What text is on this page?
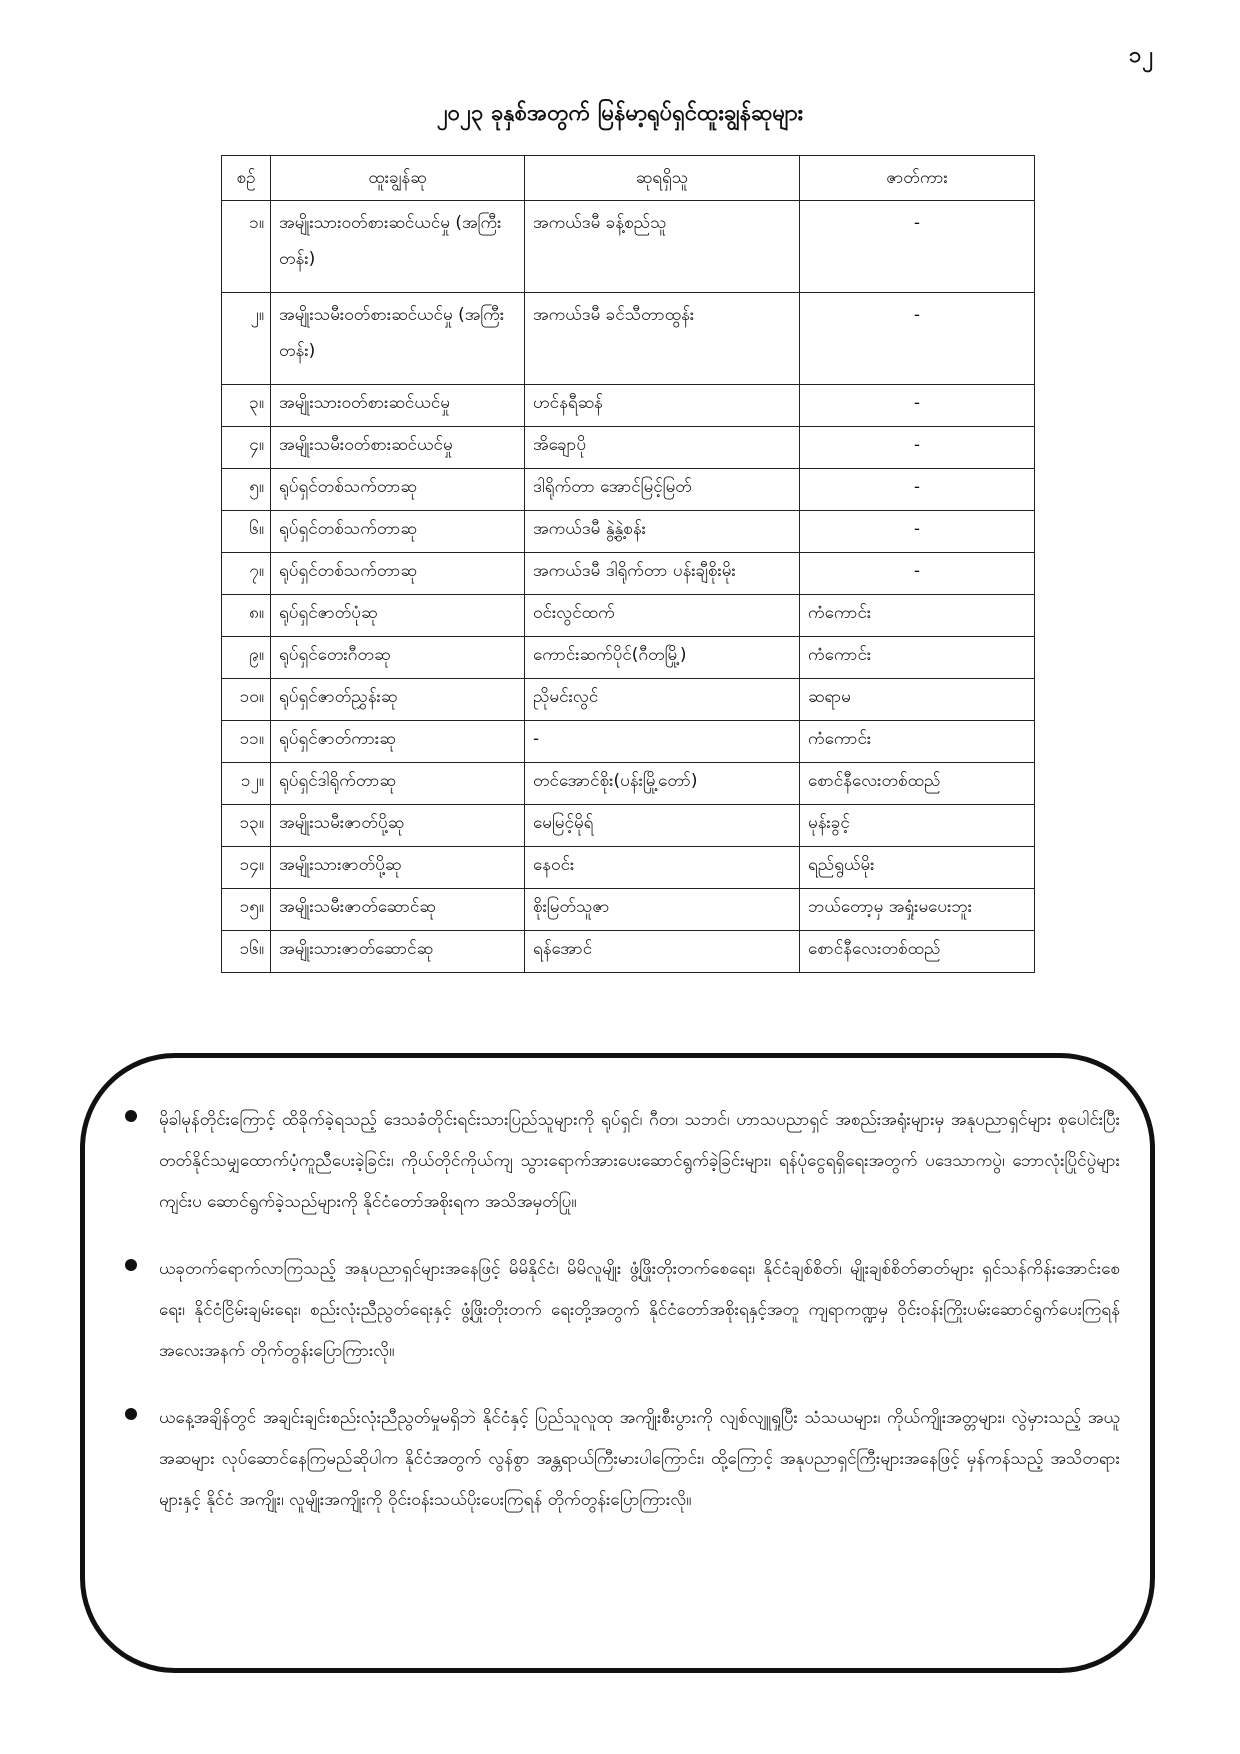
၁၂
၂၀၂၃ ခုနှစ်အတွက် မြန်မာ့ရုပ်ရှင်ထူးချွန်ဆုများ
စဉ်	ထူးချွန်ဆု	ဆုရရှိသူ	ဇာတ်ကား
၁။	အမျိုးသားဝတ်စားဆင်ယင်မှု (အကြီးတန်း)	အကယ်ဒမီ ခန့်စည်သူ	-
၂။	အမျိုးသမီးဝတ်စားဆင်ယင်မှု (အကြီးတန်း)	အကယ်ဒမီ ခင်သီတာထွန်း	-
၃။	အမျိုးသားဝတ်စားဆင်ယင်မှု	ဟင်နရီဆန်	-
၄။	အမျိုးသမီးဝတ်စားဆင်ယင်မှု	အိချောပို	-
၅။	ရုပ်ရှင်တစ်သက်တာဆု	ဒါရိုက်တာ အောင်မြင့်မြတ်	-
၆။	ရုပ်ရှင်တစ်သက်တာဆု	အကယ်ဒမီ နွဲ့နွဲ့စန်း	-
၇။	ရုပ်ရှင်တစ်သက်တာဆု	အကယ်ဒမီ ဒါရိုက်တာ ပန်းချီစိုးမိုး	-
၈။	ရုပ်ရှင်ဇာတ်ပုံဆု	ဝင်းလွင်ထက်	ကံကောင်း
၉။	ရုပ်ရှင်တေးဂီတဆု	ကောင်းဆက်ပိုင်(ဂီတမြို့)	ကံကောင်း
၁၀။	ရုပ်ရှင်ဇာတ်ညွှန်းဆု	ညိုမင်းလွင်	ဆရာမ
၁၁။	ရုပ်ရှင်ဇာတ်ကားဆု	-	ကံကောင်း
၁၂။	ရုပ်ရှင်ဒါရိုက်တာဆု	တင်အောင်စိုး(ပန်းမြို့တော်)	စောင်နီလေးတစ်ထည်
၁၃။	အမျိုးသမီးဇာတ်ပို့ဆု	မေမြင့်မိုရ်	မုန်းခွင့်
၁၄။	အမျိုးသားဇာတ်ပို့ဆု	နေဝင်း	ရည်ရွယ်မိုး
၁၅။	အမျိုးသမီးဇာတ်ဆောင်ဆု	စိုးမြတ်သူဇာ	ဘယ်တော့မှ အရှုံးမပေးဘူး
၁၆။	အမျိုးသားဇာတ်ဆောင်ဆု	ရန်အောင်	စောင်နီလေးတစ်ထည်
မိုခါမုန်တိုင်းကြောင့် ထိခိုက်ခဲ့ရသည့် ဒေသခံတိုင်းရင်းသားပြည်သူများကို ရုပ်ရှင်၊ ဂီတ၊ သဘင်၊ ဟာသပညာရှင် အစည်းအရုံးများမှ အနုပညာရှင်များ စုပေါင်းပြီး တတ်နိုင်သမျှထောက်ပံ့ကူညီပေးခဲ့ခြင်း၊ ကိုယ်တိုင်ကိုယ်ကျ သွားရောက်အားပေးဆောင်ရွက်ခဲ့ခြင်းများ၊ ရန်ပုံငွေရရှိရေးအတွက် ပဒေသာကပွဲ၊ ဘောလုံးပြိုင်ပွဲများ ကျင်းပ ဆောင်ရွက်ခဲ့သည်များကို နိုင်ငံတော်အစိုးရက အသိအမှတ်ပြု။
ယခုတက်ရောက်လာကြသည့် အနုပညာရှင်များအနေဖြင့် မိမိနိုင်ငံ၊ မိမိလူမျိုး ဖွံ့ဖြိုးတိုးတက်စေရေး၊ နိုင်ငံချစ်စိတ်၊ မျိုးချစ်စိတ်ဓာတ်များ ရှင်သန်ကိန်းအောင်းစေရေး၊ နိုင်ငံငြိမ်းချမ်းရေး၊ စည်းလုံးညီညွတ်ရေးနှင့် ဖွံ့ဖြိုးတိုးတက် ရေးတို့အတွက် နိုင်ငံတော်အစိုးရနှင့်အတူ ကျရာကဏ္ဍမှ ဝိုင်းဝန်းကြိုးပမ်းဆောင်ရွက်ပေးကြရန် အလေးအနက် တိုက်တွန်းပြောကြားလို။
ယနေ့အချိန်တွင် အချင်းချင်းစည်းလုံးညီညွတ်မှုမရှိဘဲ နိုင်ငံနှင့် ပြည်သူလူထု အကျိုးစီးပွားကို လျစ်လျူရှုပြီး သံသယများ၊ ကိုယ်ကျိုးအတ္တများ၊ လွဲမှားသည့် အယူအဆများ လုပ်ဆောင်နေကြမည်ဆိုပါက နိုင်ငံအတွက် လွန်စွာ အန္တရာယ်ကြီးမားပါကြောင်း၊ ထို့ကြောင့် အနုပညာရှင်ကြီးများအနေဖြင့် မှန်ကန်သည့် အသိတရားများနှင့် နိုင်ငံ အကျိုး၊ လူမျိုးအကျိုးကို ဝိုင်းဝန်းသယ်ပိုးပေးကြရန် တိုက်တွန်းပြောကြားလို။
